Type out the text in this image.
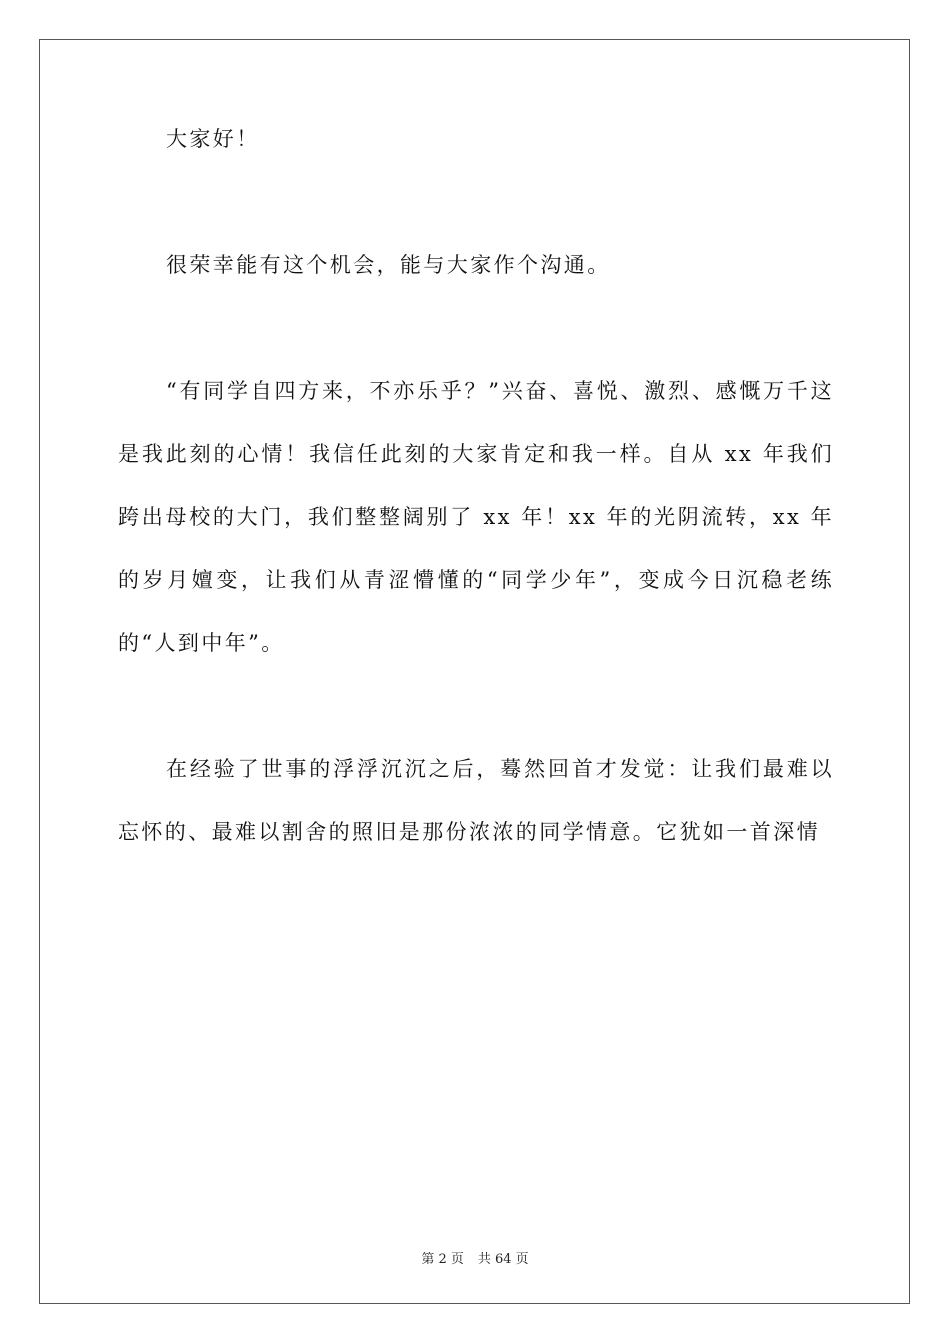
大家好！

很荣幸能有这个机会，能与大家作个沟通。

“有同学自四方来，不亦乐乎？”兴奋、喜悦、激烈、感慨万千这是我此刻的心情！我信任此刻的大家肯定和我一样。自从 xx 年我们跨出母校的大门，我们整整阔别了 xx 年！xx 年的光阴流转，xx 年的岁月嬗变，让我们从青涩懵懂的“同学少年”，变成今日沉稳老练的“人到中年”。

在经验了世事的浮浮沉沉之后，蓦然回首才发觉：让我们最难以忘怀的、最难以割舍的照旧是那份浓浓的同学情意。它犹如一首深情

第 2 页 共 64 页
